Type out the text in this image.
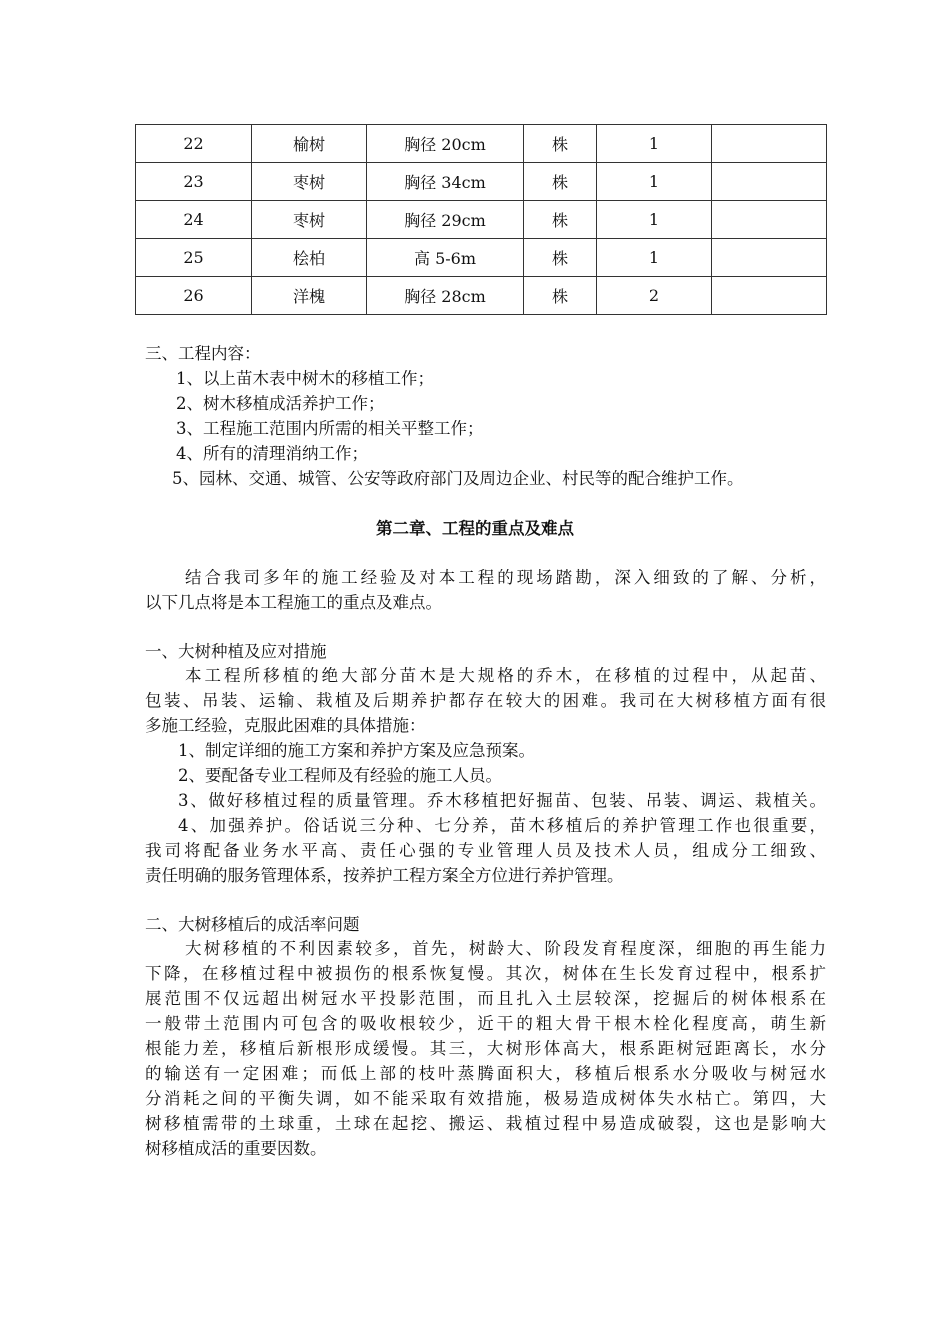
22	榆树	胸径 20cm	株	1	
23	枣树	胸径 34cm	株	1	
24	枣树	胸径 29cm	株	1	
25	桧柏	高 5-6m	株	1	
26	洋槐	胸径 28cm	株	2	
三、工程内容：
1、以上苗木表中树木的移植工作；
2、树木移植成活养护工作；
3、工程施工范围内所需的相关平整工作；
4、所有的清理消纳工作；
5、园林、交通、城管、公安等政府部门及周边企业、村民等的配合维护工作。
第二章、工程的重点及难点
结合我司多年的施工经验及对本工程的现场踏勘，深入细致的了解、分析，
以下几点将是本工程施工的重点及难点。
一、大树种植及应对措施
本工程所移植的绝大部分苗木是大规格的乔木，在移植的过程中，从起苗、
包装、吊装、运输、栽植及后期养护都存在较大的困难。我司在大树移植方面有很
多施工经验，克服此困难的具体措施：
1、制定详细的施工方案和养护方案及应急预案。
2、要配备专业工程师及有经验的施工人员。
3、做好移植过程的质量管理。乔木移植把好掘苗、包装、吊装、调运、栽植关。
4、加强养护。俗话说三分种、七分养，苗木移植后的养护管理工作也很重要，
我司将配备业务水平高、责任心强的专业管理人员及技术人员，组成分工细致、
责任明确的服务管理体系，按养护工程方案全方位进行养护管理。
二、大树移植后的成活率问题
大树移植的不利因素较多，首先，树龄大、阶段发育程度深，细胞的再生能力
下降，在移植过程中被损伤的根系恢复慢。其次，树体在生长发育过程中，根系扩
展范围不仅远超出树冠水平投影范围，而且扎入土层较深，挖掘后的树体根系在
一般带土范围内可包含的吸收根较少，近干的粗大骨干根木栓化程度高，萌生新
根能力差，移植后新根形成缓慢。其三，大树形体高大，根系距树冠距离长，水分
的输送有一定困难；而低上部的枝叶蒸腾面积大，移植后根系水分吸收与树冠水
分消耗之间的平衡失调，如不能采取有效措施，极易造成树体失水枯亡。第四，大
树移植需带的土球重，土球在起挖、搬运、栽植过程中易造成破裂，这也是影响大
树移植成活的重要因数。
